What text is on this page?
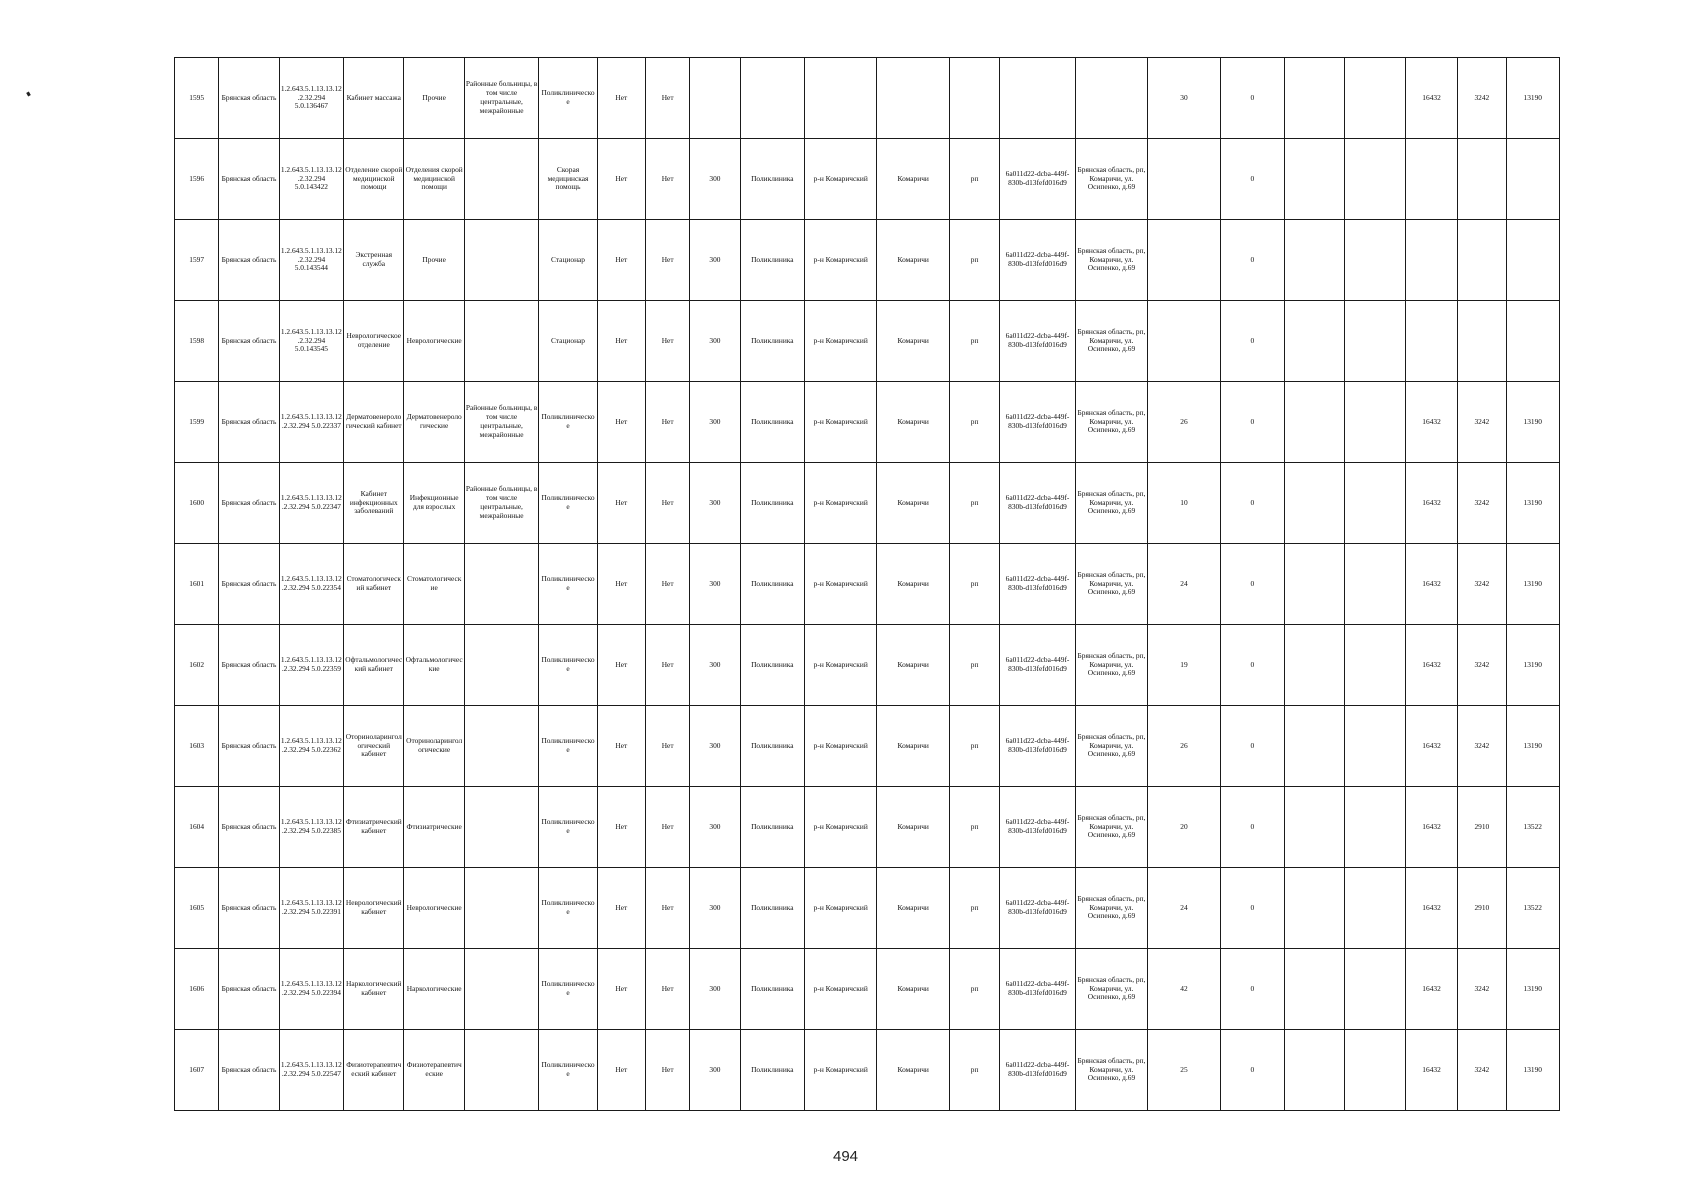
1595	Брянская область	1.2.643.5.1.13.13.12.2.32.294 5.0.136467	Кабинет массажа	Прочие	Районные больницы, в том числе центральные, межрайонные	Поликлиническое	Нет	Нет								30	0			16432	3242	13190
1596	Брянская область	1.2.643.5.1.13.13.12.2.32.294 5.0.143422	Отделение скорой медицинской помощи	Отделения скорой медицинской помощи		Скорая медицинская помощь	Нет	Нет	300	Поликлиника	р-н Комаричский	Комаричи	рп	6a011d22-dcba-449f-830b-d13fefd016d9	Брянская область, рп, Комаричи, ул. Осипенко, д.69		0					
1597	Брянская область	1.2.643.5.1.13.13.12.2.32.294 5.0.143544	Экстренная служба	Прочие		Стационар	Нет	Нет	300	Поликлиника	р-н Комаричский	Комаричи	рп	6a011d22-dcba-449f-830b-d13fefd016d9	Брянская область, рп, Комаричи, ул. Осипенко, д.69		0					
1598	Брянская область	1.2.643.5.1.13.13.12.2.32.294 5.0.143545	Неврологическое отделение	Неврологические		Стационар	Нет	Нет	300	Поликлиника	р-н Комаричский	Комаричи	рп	6a011d22-dcba-449f-830b-d13fefd016d9	Брянская область, рп, Комаричи, ул. Осипенко, д.69		0					
1599	Брянская область	1.2.643.5.1.13.13.12.2.32.294 5.0.22337	Дерматовенерологический кабинет	Дерматовенерологические	Районные больницы, в том числе центральные, межрайонные	Поликлиническое	Нет	Нет	300	Поликлиника	р-н Комаричский	Комаричи	рп	6a011d22-dcba-449f-830b-d13fefd016d9	Брянская область, рп, Комаричи, ул. Осипенко, д.69	26	0			16432	3242	13190
1600	Брянская область	1.2.643.5.1.13.13.12.2.32.294 5.0.22347	Кабинет инфекционных заболеваний	Инфекционные для взрослых	Районные больницы, в том числе центральные, межрайонные	Поликлиническое	Нет	Нет	300	Поликлиника	р-н Комаричский	Комаричи	рп	6a011d22-dcba-449f-830b-d13fefd016d9	Брянская область, рп, Комаричи, ул. Осипенко, д.69	10	0			16432	3242	13190
1601	Брянская область	1.2.643.5.1.13.13.12.2.32.294 5.0.22354	Стоматологический кабинет	Стоматологические		Поликлиническое	Нет	Нет	300	Поликлиника	р-н Комаричский	Комаричи	рп	6a011d22-dcba-449f-830b-d13fefd016d9	Брянская область, рп, Комаричи, ул. Осипенко, д.69	24	0			16432	3242	13190
1602	Брянская область	1.2.643.5.1.13.13.12.2.32.294 5.0.22359	Офтальмологический кабинет	Офтальмологические		Поликлиническое	Нет	Нет	300	Поликлиника	р-н Комаричский	Комаричи	рп	6a011d22-dcba-449f-830b-d13fefd016d9	Брянская область, рп, Комаричи, ул. Осипенко, д.69	19	0			16432	3242	13190
1603	Брянская область	1.2.643.5.1.13.13.12.2.32.294 5.0.22362	Оториноларингологический кабинет	Оториноларингологические		Поликлиническое	Нет	Нет	300	Поликлиника	р-н Комаричский	Комаричи	рп	6a011d22-dcba-449f-830b-d13fefd016d9	Брянская область, рп, Комаричи, ул. Осипенко, д.69	26	0			16432	3242	13190
1604	Брянская область	1.2.643.5.1.13.13.12.2.32.294 5.0.22385	Фтизиатрический кабинет	Фтизиатрические		Поликлиническое	Нет	Нет	300	Поликлиника	р-н Комаричский	Комаричи	рп	6a011d22-dcba-449f-830b-d13fefd016d9	Брянская область, рп, Комаричи, ул. Осипенко, д.69	20	0			16432	2910	13522
1605	Брянская область	1.2.643.5.1.13.13.12.2.32.294 5.0.22391	Неврологический кабинет	Неврологические		Поликлиническое	Нет	Нет	300	Поликлиника	р-н Комаричский	Комаричи	рп	6a011d22-dcba-449f-830b-d13fefd016d9	Брянская область, рп, Комаричи, ул. Осипенко, д.69	24	0			16432	2910	13522
1606	Брянская область	1.2.643.5.1.13.13.12.2.32.294 5.0.22394	Наркологический кабинет	Наркологические		Поликлиническое	Нет	Нет	300	Поликлиника	р-н Комаричский	Комаричи	рп	6a011d22-dcba-449f-830b-d13fefd016d9	Брянская область, рп, Комаричи, ул. Осипенко, д.69	42	0			16432	3242	13190
1607	Брянская область	1.2.643.5.1.13.13.12.2.32.294 5.0.22547	Физиотерапевтический кабинет	Физиотерапевтические		Поликлиническое	Нет	Нет	300	Поликлиника	р-н Комаричский	Комаричи	рп	6a011d22-dcba-449f-830b-d13fefd016d9	Брянская область, рп, Комаричи, ул. Осипенко, д.69	25	0			16432	3242	13190
494
